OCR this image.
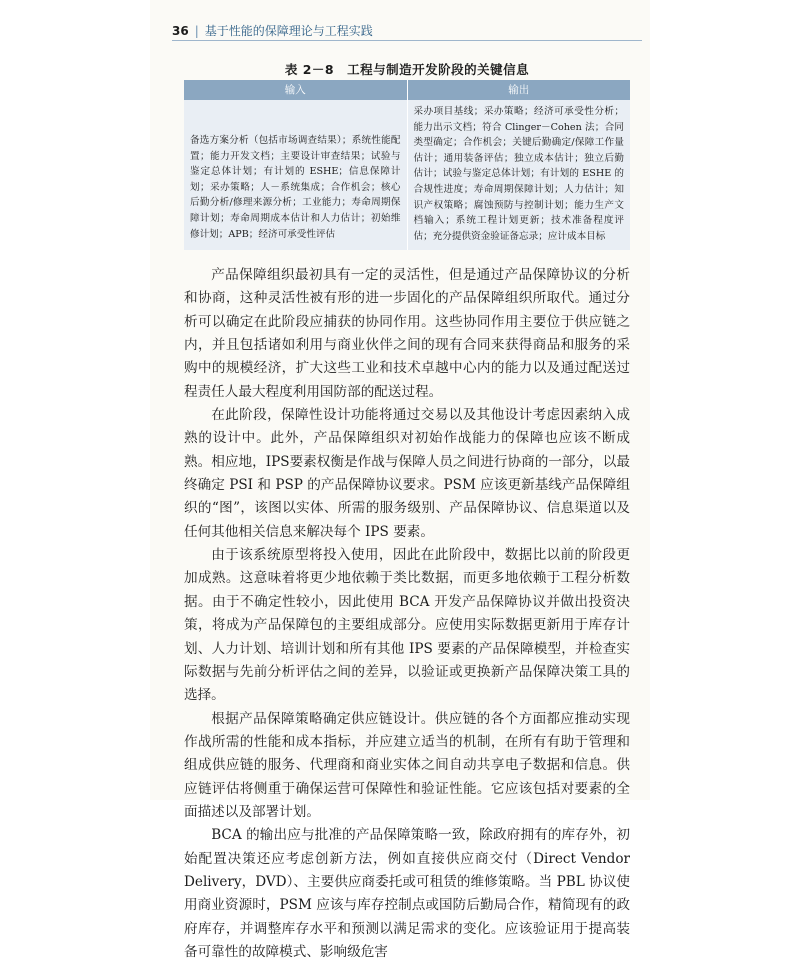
36 | 基于性能的保障理论与工程实践
表 2－8　工程与制造开发阶段的关键信息
输入	输出

备选方案分析（包括市场调查结果）；系统性能配置；能力开发文档；主要设计审查结果；试验与鉴定总体计划；有计划的 ESHE；信息保障计划；采办策略；人－系统集成；合作机会；核心后勤分析/修理来源分析；工业能力；寿命周期保障计划；寿命周期成本估计和人力估计；初始维修计划；APB；经济可承受性评估

采办项目基线；采办策略；经济可承受性分析；能力出示文档；符合 Clinger－Cohen 法；合同类型确定；合作机会；关键后勤确定/保障工作量估计；通用装备评估；独立成本估计；独立后勤估计；试验与鉴定总体计划；有计划的 ESHE 的合规性进度；寿命周期保障计划；人力估计；知识产权策略；腐蚀预防与控制计划；能力生产文档输入；系统工程计划更新；技术准备程度评估；充分提供资金验证备忘录；应计成本目标

产品保障组织最初具有一定的灵活性，但是通过产品保障协议的分析和协商，这种灵活性被有形的进一步固化的产品保障组织所取代。通过分析可以确定在此阶段应捕获的协同作用。这些协同作用主要位于供应链之内，并且包括诸如利用与商业伙伴之间的现有合同来获得商品和服务的采购中的规模经济，扩大这些工业和技术卓越中心内的能力以及通过配送过程责任人最大程度利用国防部的配送过程。

在此阶段，保障性设计功能将通过交易以及其他设计考虑因素纳入成熟的设计中。此外，产品保障组织对初始作战能力的保障也应该不断成熟。相应地，IPS要素权衡是作战与保障人员之间进行协商的一部分，以最终确定 PSI 和 PSP 的产品保障协议要求。PSM 应该更新基线产品保障组织的“图”，该图以实体、所需的服务级别、产品保障协议、信息渠道以及任何其他相关信息来解决每个 IPS 要素。

由于该系统原型将投入使用，因此在此阶段中，数据比以前的阶段更加成熟。这意味着将更少地依赖于类比数据，而更多地依赖于工程分析数据。由于不确定性较小，因此使用 BCA 开发产品保障协议并做出投资决策，将成为产品保障包的主要组成部分。应使用实际数据更新用于库存计划、人力计划、培训计划和所有其他 IPS 要素的产品保障模型，并检查实际数据与先前分析评估之间的差异，以验证或更换新产品保障决策工具的选择。

根据产品保障策略确定供应链设计。供应链的各个方面都应推动实现作战所需的性能和成本指标，并应建立适当的机制，在所有有助于管理和组成供应链的服务、代理商和商业实体之间自动共享电子数据和信息。供应链评估将侧重于确保运营可保障性和验证性能。它应该包括对要素的全面描述以及部署计划。

BCA 的输出应与批准的产品保障策略一致，除政府拥有的库存外，初始配置决策还应考虑创新方法，例如直接供应商交付（Direct Vendor Delivery，DVD）、主要供应商委托或可租赁的维修策略。当 PBL 协议使用商业资源时，PSM 应该与库存控制点或国防后勤局合作，精简现有的政府库存，并调整库存水平和预测以满足需求的变化。应该验证用于提高装备可靠性的故障模式、影响级危害
